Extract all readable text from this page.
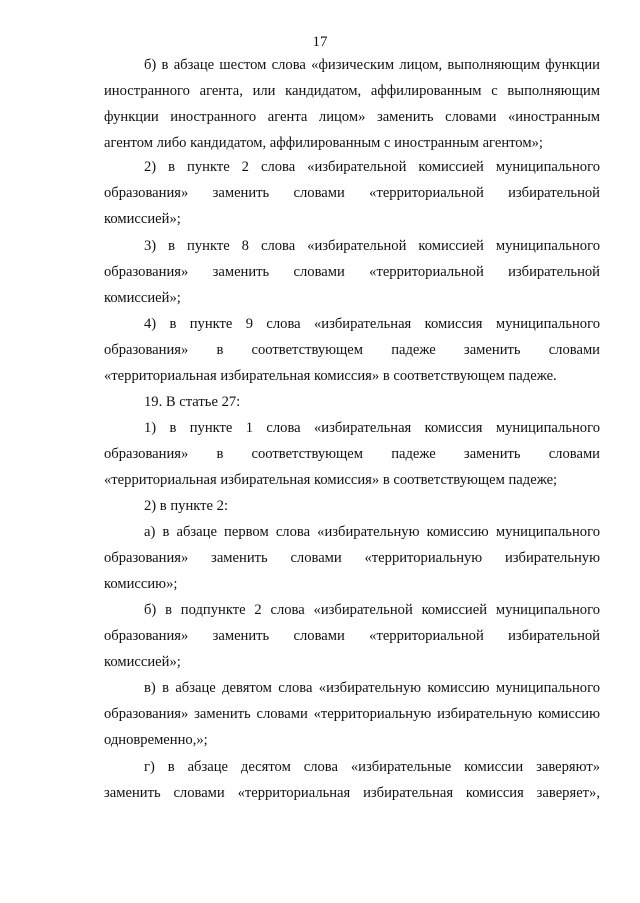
17
б) в абзаце шестом слова «физическим лицом, выполняющим функции
иностранного агента, или кандидатом, аффилированным с выполняющим
функции иностранного агента лицом» заменить словами «иностранным
агентом либо кандидатом, аффилированным с иностранным агентом»;
2) в пункте 2 слова «избирательной комиссией муниципального
образования» заменить словами «территориальной избирательной
комиссией»;
3) в пункте 8 слова «избирательной комиссией муниципального
образования» заменить словами «территориальной избирательной
комиссией»;
4) в пункте 9 слова «избирательная комиссия муниципального
образования» в соответствующем падеже заменить словами
«территориальная избирательная комиссия» в соответствующем падеже.
19. В статье 27:
1) в пункте 1 слова «избирательная комиссия муниципального
образования» в соответствующем падеже заменить словами
«территориальная избирательная комиссия» в соответствующем падеже;
2) в пункте 2:
а) в абзаце первом слова «избирательную комиссию муниципального
образования» заменить словами «территориальную избирательную
комиссию»;
б) в подпункте 2 слова «избирательной комиссией муниципального
образования» заменить словами «территориальной избирательной
комиссией»;
в) в абзаце девятом слова «избирательную комиссию муниципального
образования» заменить словами «территориальную избирательную комиссию
одновременно,»;
г) в абзаце десятом слова «избирательные комиссии заверяют»
заменить словами «территориальная избирательная комиссия заверяет»,
